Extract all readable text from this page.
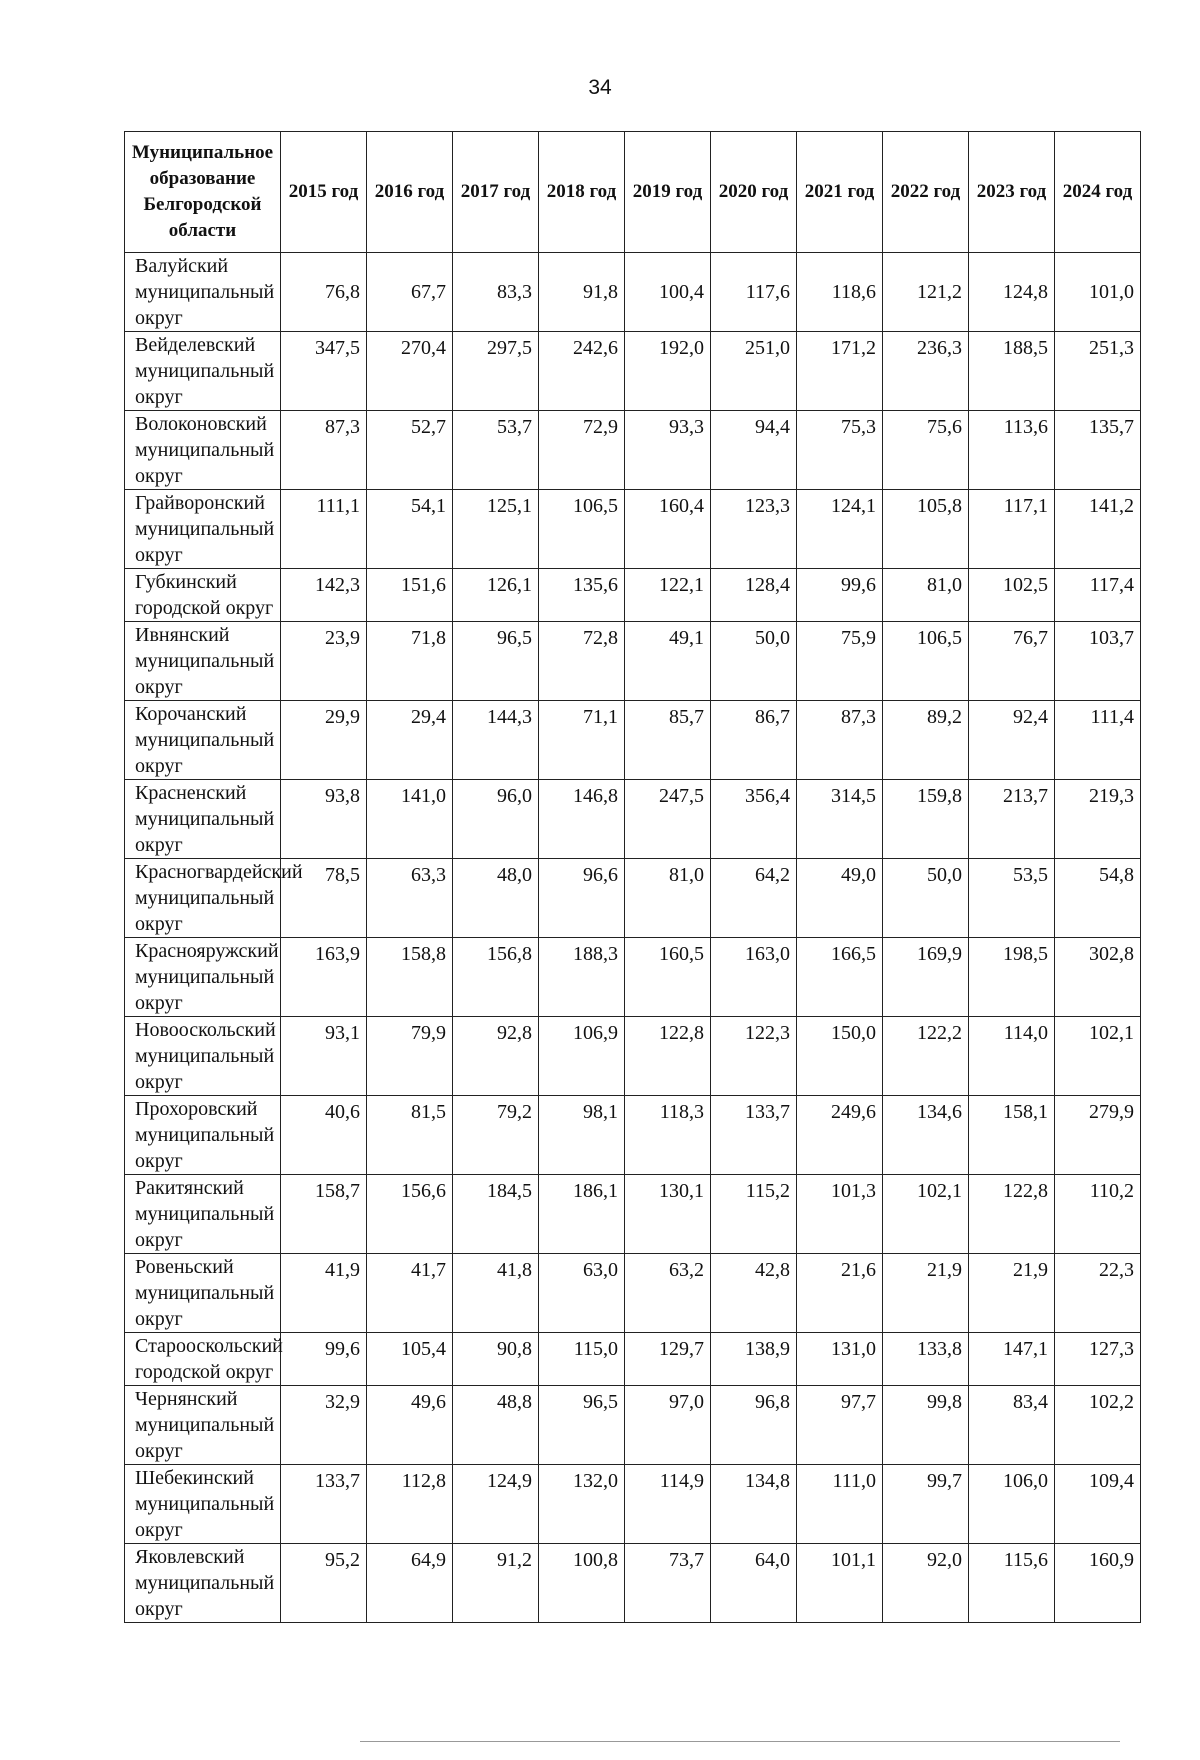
34
Муниципальное образование Белгородской области	2015 год	2016 год	2017 год	2018 год	2019 год	2020 год	2021 год	2022 год	2023 год	2024 год
Валуйский муниципальный округ	76,8	67,7	83,3	91,8	100,4	117,6	118,6	121,2	124,8	101,0
Вейделевский муниципальный округ	347,5	270,4	297,5	242,6	192,0	251,0	171,2	236,3	188,5	251,3
Волоконовский муниципальный округ	87,3	52,7	53,7	72,9	93,3	94,4	75,3	75,6	113,6	135,7
Грайворонский муниципальный округ	111,1	54,1	125,1	106,5	160,4	123,3	124,1	105,8	117,1	141,2
Губкинский городской округ	142,3	151,6	126,1	135,6	122,1	128,4	99,6	81,0	102,5	117,4
Ивнянский муниципальный округ	23,9	71,8	96,5	72,8	49,1	50,0	75,9	106,5	76,7	103,7
Корочанский муниципальный округ	29,9	29,4	144,3	71,1	85,7	86,7	87,3	89,2	92,4	111,4
Красненский муниципальный округ	93,8	141,0	96,0	146,8	247,5	356,4	314,5	159,8	213,7	219,3
Красногвардейский муниципальный округ	78,5	63,3	48,0	96,6	81,0	64,2	49,0	50,0	53,5	54,8
Краснояружский муниципальный округ	163,9	158,8	156,8	188,3	160,5	163,0	166,5	169,9	198,5	302,8
Новооскольский муниципальный округ	93,1	79,9	92,8	106,9	122,8	122,3	150,0	122,2	114,0	102,1
Прохоровский муниципальный округ	40,6	81,5	79,2	98,1	118,3	133,7	249,6	134,6	158,1	279,9
Ракитянский муниципальный округ	158,7	156,6	184,5	186,1	130,1	115,2	101,3	102,1	122,8	110,2
Ровеньский муниципальный округ	41,9	41,7	41,8	63,0	63,2	42,8	21,6	21,9	21,9	22,3
Старооскольский городской округ	99,6	105,4	90,8	115,0	129,7	138,9	131,0	133,8	147,1	127,3
Чернянский муниципальный округ	32,9	49,6	48,8	96,5	97,0	96,8	97,7	99,8	83,4	102,2
Шебекинский муниципальный округ	133,7	112,8	124,9	132,0	114,9	134,8	111,0	99,7	106,0	109,4
Яковлевский муниципальный округ	95,2	64,9	91,2	100,8	73,7	64,0	101,1	92,0	115,6	160,9
